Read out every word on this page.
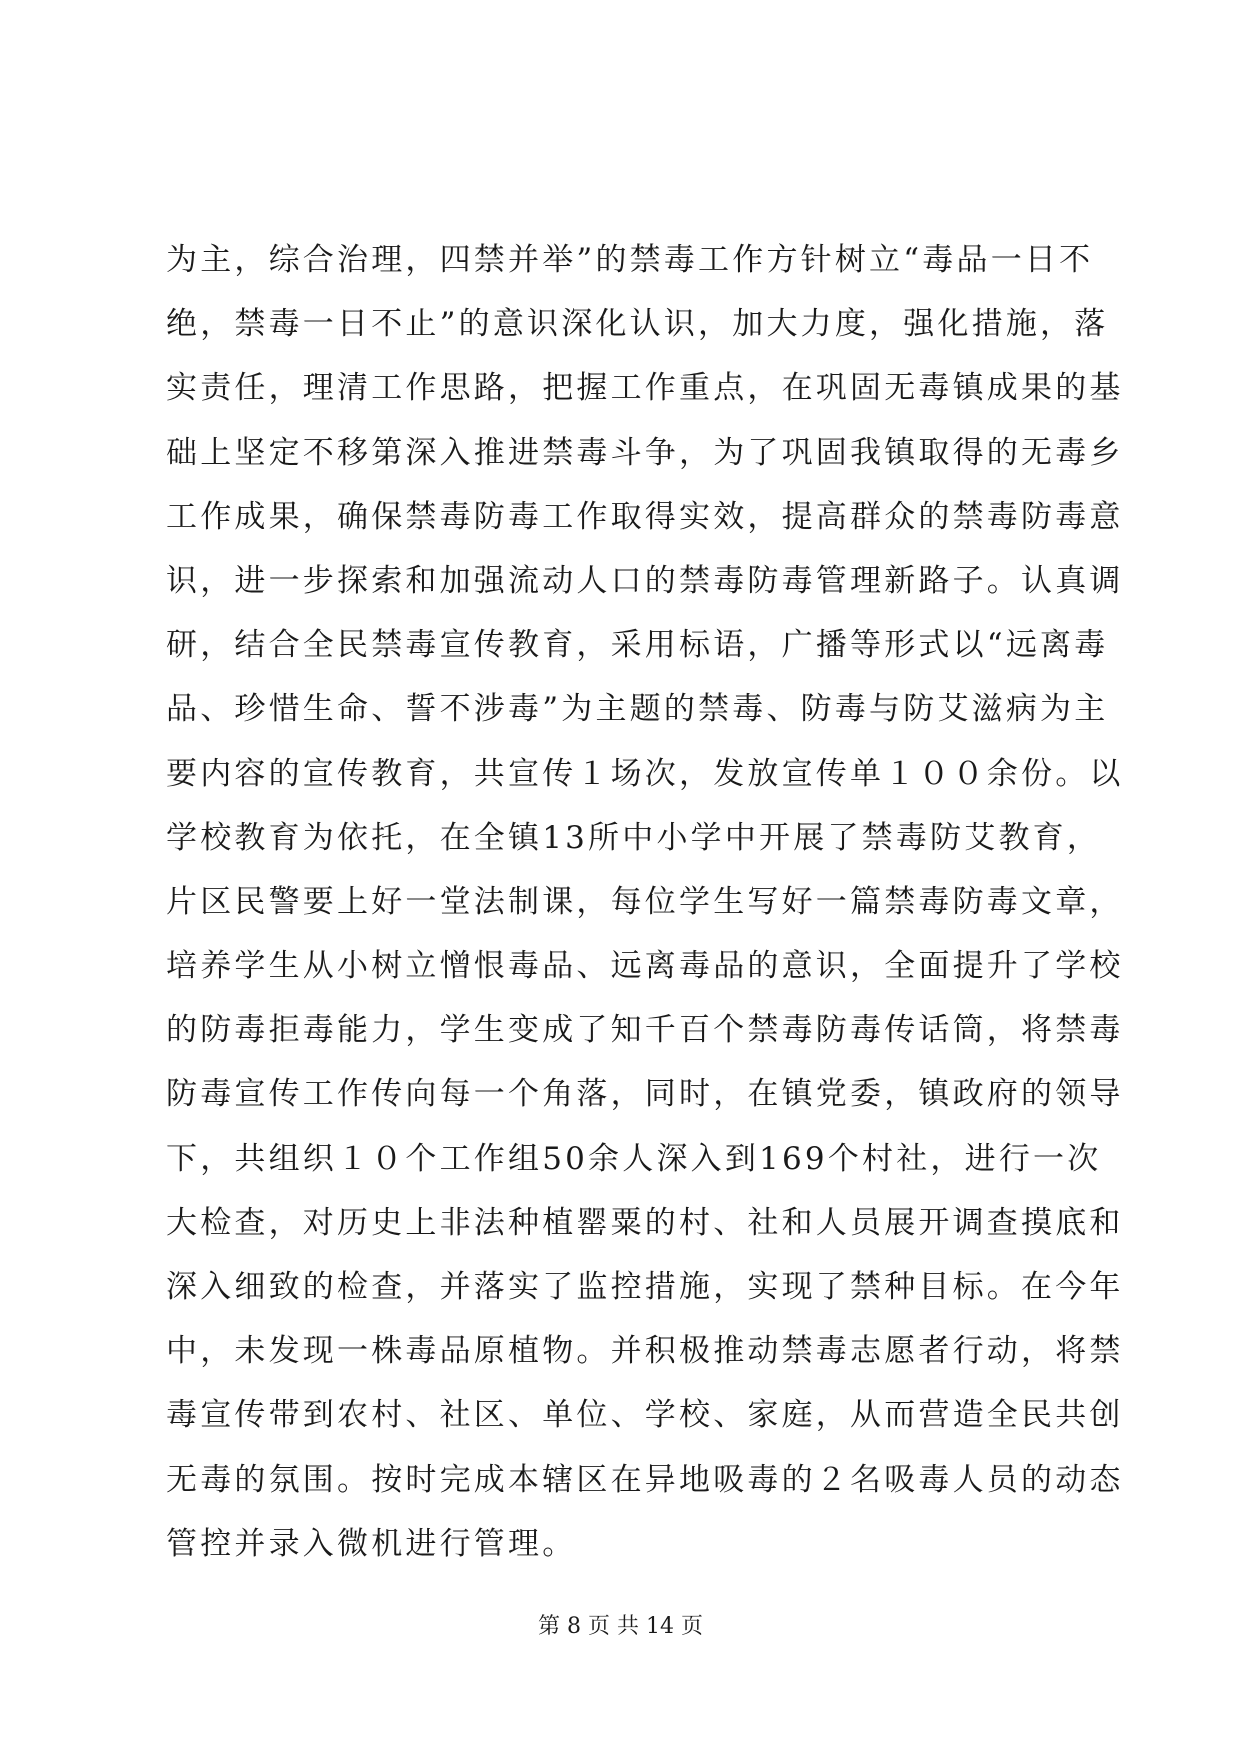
为主，综合治理，四禁并举”的禁毒工作方针树立“毒品一日不
绝，禁毒一日不止”的意识深化认识，加大力度，强化措施，落
实责任，理清工作思路，把握工作重点，在巩固无毒镇成果的基
础上坚定不移第深入推进禁毒斗争，为了巩固我镇取得的无毒乡
工作成果，确保禁毒防毒工作取得实效，提高群众的禁毒防毒意
识，进一步探索和加强流动人口的禁毒防毒管理新路子。认真调
研，结合全民禁毒宣传教育，采用标语，广播等形式以“远离毒
品、珍惜生命、誓不涉毒”为主题的禁毒、防毒与防艾滋病为主
要内容的宣传教育，共宣传１场次，发放宣传单１００余份。以
学校教育为依托，在全镇13所中小学中开展了禁毒防艾教育，
片区民警要上好一堂法制课，每位学生写好一篇禁毒防毒文章，
培养学生从小树立憎恨毒品、远离毒品的意识，全面提升了学校
的防毒拒毒能力，学生变成了知千百个禁毒防毒传话筒，将禁毒
防毒宣传工作传向每一个角落，同时，在镇党委，镇政府的领导
下，共组织１０个工作组50余人深入到169个村社，进行一次
大检查，对历史上非法种植罂粟的村、社和人员展开调查摸底和
深入细致的检查，并落实了监控措施，实现了禁种目标。在今年
中，未发现一株毒品原植物。并积极推动禁毒志愿者行动，将禁
毒宣传带到农村、社区、单位、学校、家庭，从而营造全民共创
无毒的氛围。按时完成本辖区在异地吸毒的２名吸毒人员的动态
管控并录入微机进行管理。
第 8 页 共 14 页
